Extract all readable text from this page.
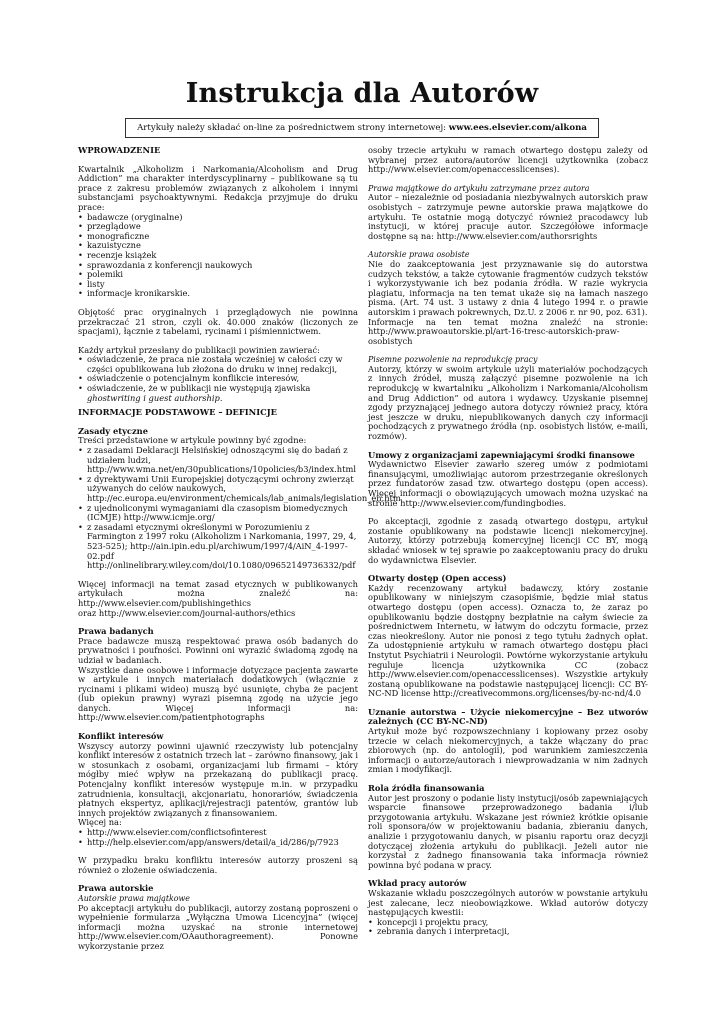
Instrukcja dla Autorów
Artykuły należy składać on-line za pośrednictwem strony internetowej: www.ees.elsevier.com/alkona

WPROWADZENIE

Kwartalnik „Alkoholizm i Narkomania/Alcoholism and Drug Addiction” ma charakter interdyscyplinarny – publikowane są tu prace z zakresu problemów związanych z alkoholem i innymi substancjami psychoaktywnymi. Redakcja przyjmuje do druku prace:

• badawcze (oryginalne)
• przeglądowe
• monograficzne
• kazuistyczne
• recenzje książek
• sprawozdania z konferencji naukowych
• polemiki
• listy
• informacje kronikarskie.

Objętość prac oryginalnych i przeglądowych nie powinna przekraczać 21 stron, czyli ok. 40.000 znaków (liczonych ze spacjami), łącznie z tabelami, rycinami i piśmiennictwem.

Każdy artykuł przesłany do publikacji powinien zawierać:

• oświadczenie, że praca nie została wcześniej w całości czy w części opublikowana lub złożona do druku w innej redakcji,
• oświadczenie o potencjalnym konflikcie interesów,
• oświadczenie, że w publikacji nie występują zjawiska ghostwriting i guest authorship.

INFORMACJE PODSTAWOWE – DEFINICJE

Zasady etyczne

Treści przedstawione w artykule powinny być zgodne:

• z zasadami Deklaracji Helsińskiej odnoszącymi się do badań z udziałem ludzi, http://www.wma.net/en/30publications/10policies/b3/index.html
• z dyrektywami Unii Europejskiej dotyczącymi ochrony zwierząt używanych do celów naukowych, http://ec.europa.eu/environment/chemicals/lab_animals/legislation_en.htm
• z ujednoliconymi wymaganiami dla czasopism biomedycznych (ICMJE) http://www.icmje.org/
• z zasadami etycznymi określonymi w Porozumieniu z Farmington z 1997 roku (Alkoholizm i Narkomania, 1997, 29, 4, 523-525); http://ain.ipin.edu.pl/archiwum/1997/4/AiN_4-1997-02.pdf http://onlinelibrary.wiley.com/doi/10.1080/09652149736332/pdf

Więcej informacji na temat zasad etycznych w publikowanych artykułach można znaleźć na: http://www.elsevier.com/publishingethics

oraz http://www.elsevier.com/journal-authors/ethics

Prawa badanych

Prace badawcze muszą respektować prawa osób badanych do prywatności i poufności. Powinni oni wyrazić świadomą zgodę na udział w badaniach.

Wszystkie dane osobowe i informacje dotyczące pacjenta zawarte w artykule i innych materiałach dodatkowych (włącznie z rycinami i plikami wideo) muszą być usunięte, chyba że pacjent (lub opiekun prawny) wyrazi pisemną zgodę na użycie jego danych. Więcej informacji na: http://www.elsevier.com/patientphotographs

Konflikt interesów

Wszyscy autorzy powinni ujawnić rzeczywisty lub potencjalny konflikt interesów z ostatnich trzech lat – zarówno finansowy, jak i w stosunkach z osobami, organizacjami lub firmami – który mógłby mieć wpływ na przekazaną do publikacji pracę. Potencjalny konflikt interesów występuje m.in. w przypadku zatrudnienia, konsultacji, akcjonariatu, honorariów, świadczenia płatnych ekspertyz, aplikacji/rejestracji patentów, grantów lub innych projektów związanych z finansowaniem.

Więcej na:

• http://www.elsevier.com/conflictsofinterest
• http://help.elsevier.com/app/answers/detail/a_id/286/p/7923

W przypadku braku konfliktu interesów autorzy proszeni są również o złożenie oświadczenia.

Prawa autorskie

Autorskie prawa majątkowe

Po akceptacji artykułu do publikacji, autorzy zostaną poproszeni o wypełnienie formularza „Wyłączna Umowa Licencyjna” (więcej informacji można uzyskać na stronie internetowej http://www.elsevier.com/OAauthoragreement). Ponowne wykorzystanie przez

osoby trzecie artykułu w ramach otwartego dostępu zależy od wybranej przez autora/autorów licencji użytkownika (zobacz http://www.elsevier.com/openaccesslicenses).

Prawa majątkowe do artykułu zatrzymane przez autora

Autor – niezależnie od posiadania niezbywalnych autorskich praw osobistych – zatrzymuje pewne autorskie prawa majątkowe do artykułu. Te ostatnie mogą dotyczyć również pracodawcy lub instytucji, w której pracuje autor. Szczegółowe informacje dostępne są na: http://www.elsevier.com/authorsrights

Autorskie prawa osobiste

Nie do zaakceptowania jest przyznawanie się do autorstwa cudzych tekstów, a także cytowanie fragmentów cudzych tekstów i wykorzystywanie ich bez podania źródła. W razie wykrycia plagiatu, informacja na ten temat ukaże się na łamach naszego pisma. (Art. 74 ust. 3 ustawy z dnia 4 lutego 1994 r. o prawie autorskim i prawach pokrewnych, Dz.U. z 2006 r. nr 90, poz. 631).

Informacje na ten temat można znaleźć na stronie: http://www.prawoautorskie.pl/art-16-tresc-autorskich-praw-osobistych

Pisemne pozwolenie na reprodukcję pracy

Autorzy, którzy w swoim artykule użyli materiałów pochodzących z innych źródeł, muszą załączyć pisemne pozwolenie na ich reprodukcję w kwartalniku „Alkoholizm i Narkomania/Alcoholism and Drug Addiction” od autora i wydawcy. Uzyskanie pisemnej zgody przyznającej jednego autora dotyczy również pracy, która jest jeszcze w druku, niepublikowanych danych czy informacji pochodzących z prywatnego źródła (np. osobistych listów, e-maili, rozmów).

Umowy z organizacjami zapewniającymi środki finansowe

Wydawnictwo Elsevier zawarło szereg umów z podmiotami finansującymi, umożliwiając autorom przestrzeganie określonych przez fundatorów zasad tzw. otwartego dostępu (open access). Więcej informacji o obowiązujących umowach można uzyskać na stronie http://www.elsevier.com/fundingbodies.

Po akceptacji, zgodnie z zasadą otwartego dostępu, artykuł zostanie opublikowany na podstawie licencji niekomercyjnej. Autorzy, którzy potrzebują komercyjnej licencji CC BY, mogą składać wniosek w tej sprawie po zaakceptowaniu pracy do druku do wydawnictwa Elsevier.

Otwarty dostęp (Open access)

Każdy recenzowany artykuł badawczy, który zostanie opublikowany w niniejszym czasopiśmie, będzie miał status otwartego dostępu (open access). Oznacza to, że zaraz po opublikowaniu będzie dostępny bezpłatnie na całym świecie za pośrednictwem Internetu, w łatwym do odczytu formacie, przez czas nieokreślony. Autor nie ponosi z tego tytułu żadnych opłat. Za udostępnienie artykułu w ramach otwartego dostępu płaci Instytut Psychiatrii i Neurologii. Powtórne wykorzystanie artykułu reguluje licencja użytkownika CC (zobacz http://www.elsevier.com/openaccesslicenses). Wszystkie artykuły zostaną opublikowane na podstawie następującej licencji: CC BY-NC-ND license http://creativecommons.org/licenses/by-nc-nd/4.0

Uznanie autorstwa – Użycie niekomercyjne – Bez utworów zależnych (CC BY-NC-ND)

Artykuł może być rozpowszechniany i kopiowany przez osoby trzecie w celach niekomercyjnych, a także włączany do prac zbiorowych (np. do antologii), pod warunkiem zamieszczenia informacji o autorze/autorach i niewprowadzania w nim żadnych zmian i modyfikacji.

Rola źródła finansowania

Autor jest proszony o podanie listy instytucji/osób zapewniających wsparcie finansowe przeprowadzonego badania i/lub przygotowania artykułu. Wskazane jest również krótkie opisanie roli sponsora/ów w projektowaniu badania, zbieraniu danych, analizie i przygotowaniu danych, w pisaniu raportu oraz decyzji dotyczącej złożenia artykułu do publikacji. Jeżeli autor nie korzystał z żadnego finansowania taka informacja również powinna być podana w pracy.

Wkład pracy autorów

Wskazanie wkładu poszczególnych autorów w powstanie artykułu jest zalecane, lecz nieobowiązkowe. Wkład autorów dotyczy następujących kwestii:

• koncepcji i projektu pracy,
• zebrania danych i interpretacji,
